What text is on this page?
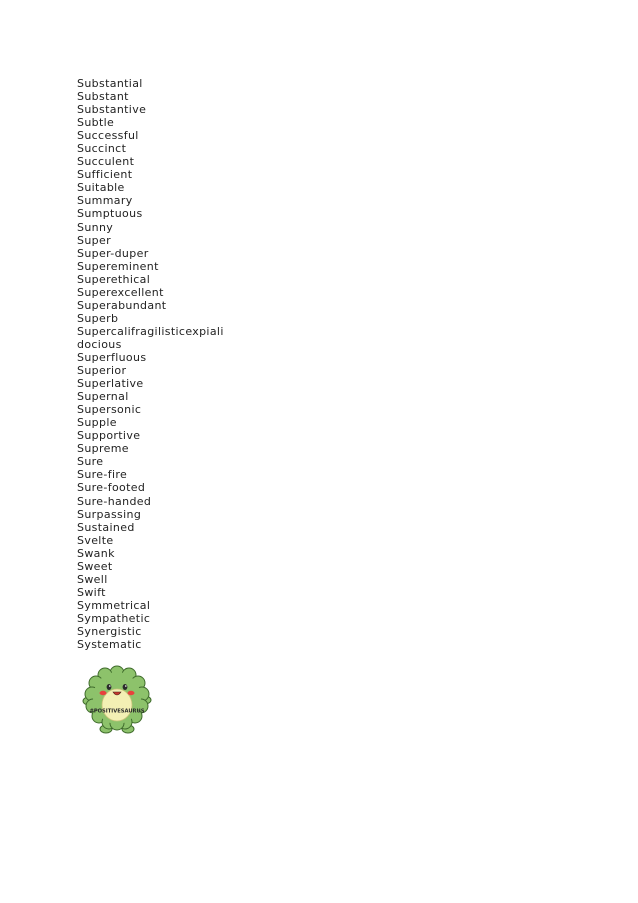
Substantial
Substant
Substantive
Subtle
Successful
Succinct
Succulent
Sufficient
Suitable
Summary
Sumptuous
Sunny
Super
Super-duper
Supereminent
Superethical
Superexcellent
Superabundant
Superb
Supercalifragilisticexpiali
docious
Superfluous
Superior
Superlative
Supernal
Supersonic
Supple
Supportive
Supreme
Sure
Sure-fire
Sure-footed
Sure-handed
Surpassing
Sustained
Svelte
Swank
Sweet
Swell
Swift
Symmetrical
Sympathetic
Synergistic
Systematic
#POSITIVESAURUS
